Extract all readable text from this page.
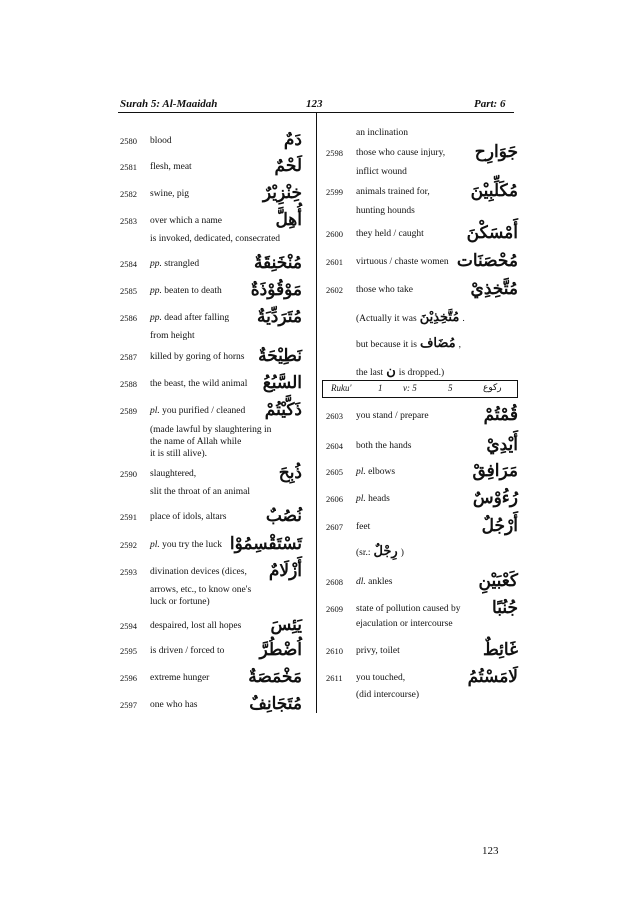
Surah 5: Al-Maaidah	123	Part: 6
2580 blood	دَمٌ
2581 flesh, meat	لَحْمٌ
2582 swine, pig	خِنْزِيْرٌ
2583 over which a name	أُهِلَّ
is invoked, dedicated, consecrated
2584 pp. strangled	مُنْخَنِقَةٌ
2585 pp. beaten to death مَوْقُوْذَةٌ
2586 pp. dead after falling مُتَرَدِّيَةٌ
from height
2587 killed by goring of horns نَطِيْحَةٌ
2588 the beast, the wild animal السَّبُعُ
2589 pl. you purified / cleaned ذَكَّيْتُمْ
(made lawful by slaughtering in
the name of Allah while
it is still alive).
2590 slaughtered,	ذُبِحَ
slit the throat of an animal
2591 place of idols, altars نُصُبٌ
2592 pl. you try the luck تَسْتَقْسِمُوْا
2593 divination devices (dices, أَزْلَامٌ
arrows, etc., to know one's
luck or fortune)
2594 despaired, lost all hopes يَئِسَ
2595 is driven / forced to اُضْطُرَّ
2596 extreme hunger مَخْمَصَةٌ
2597 one who has	مُتَجَانِفٌ
an inclination
2598 those who cause injury, جَوَارِح
inflict wound
2599 animals trained for, مُكَلِّبِيْنَ
hunting hounds
2600 they held / caught	أَمْسَكْنَ
2601 virtuous / chaste women مُحْصَنَات
2602 those who take	مُتَّخِذِيْ
(Actually it was مُتَّخِذِيْنَ .
but because it is مُضَاف ,
the last ن is dropped.)
2603 you stand / prepare	قُمْتُمْ
2604 both the hands	أَيْدِيْ
2605 pl. elbows	مَرَافِقْ
2606 pl. heads	رُءُوْسٌ
2607 feet	أَرْجُلٌ
(sr.: رِجْلٌ )
2608 dl. ankles	كَعْبَيْنِ
2609 state of pollution caused by جُنُبًا
ejaculation or intercourse
2610 privy, toilet	غَائِطٌ
2611 you touched,	لَامَسْتُمُ
(did intercourse)
Ruku'	1 v: 5	5	ركوع
123
